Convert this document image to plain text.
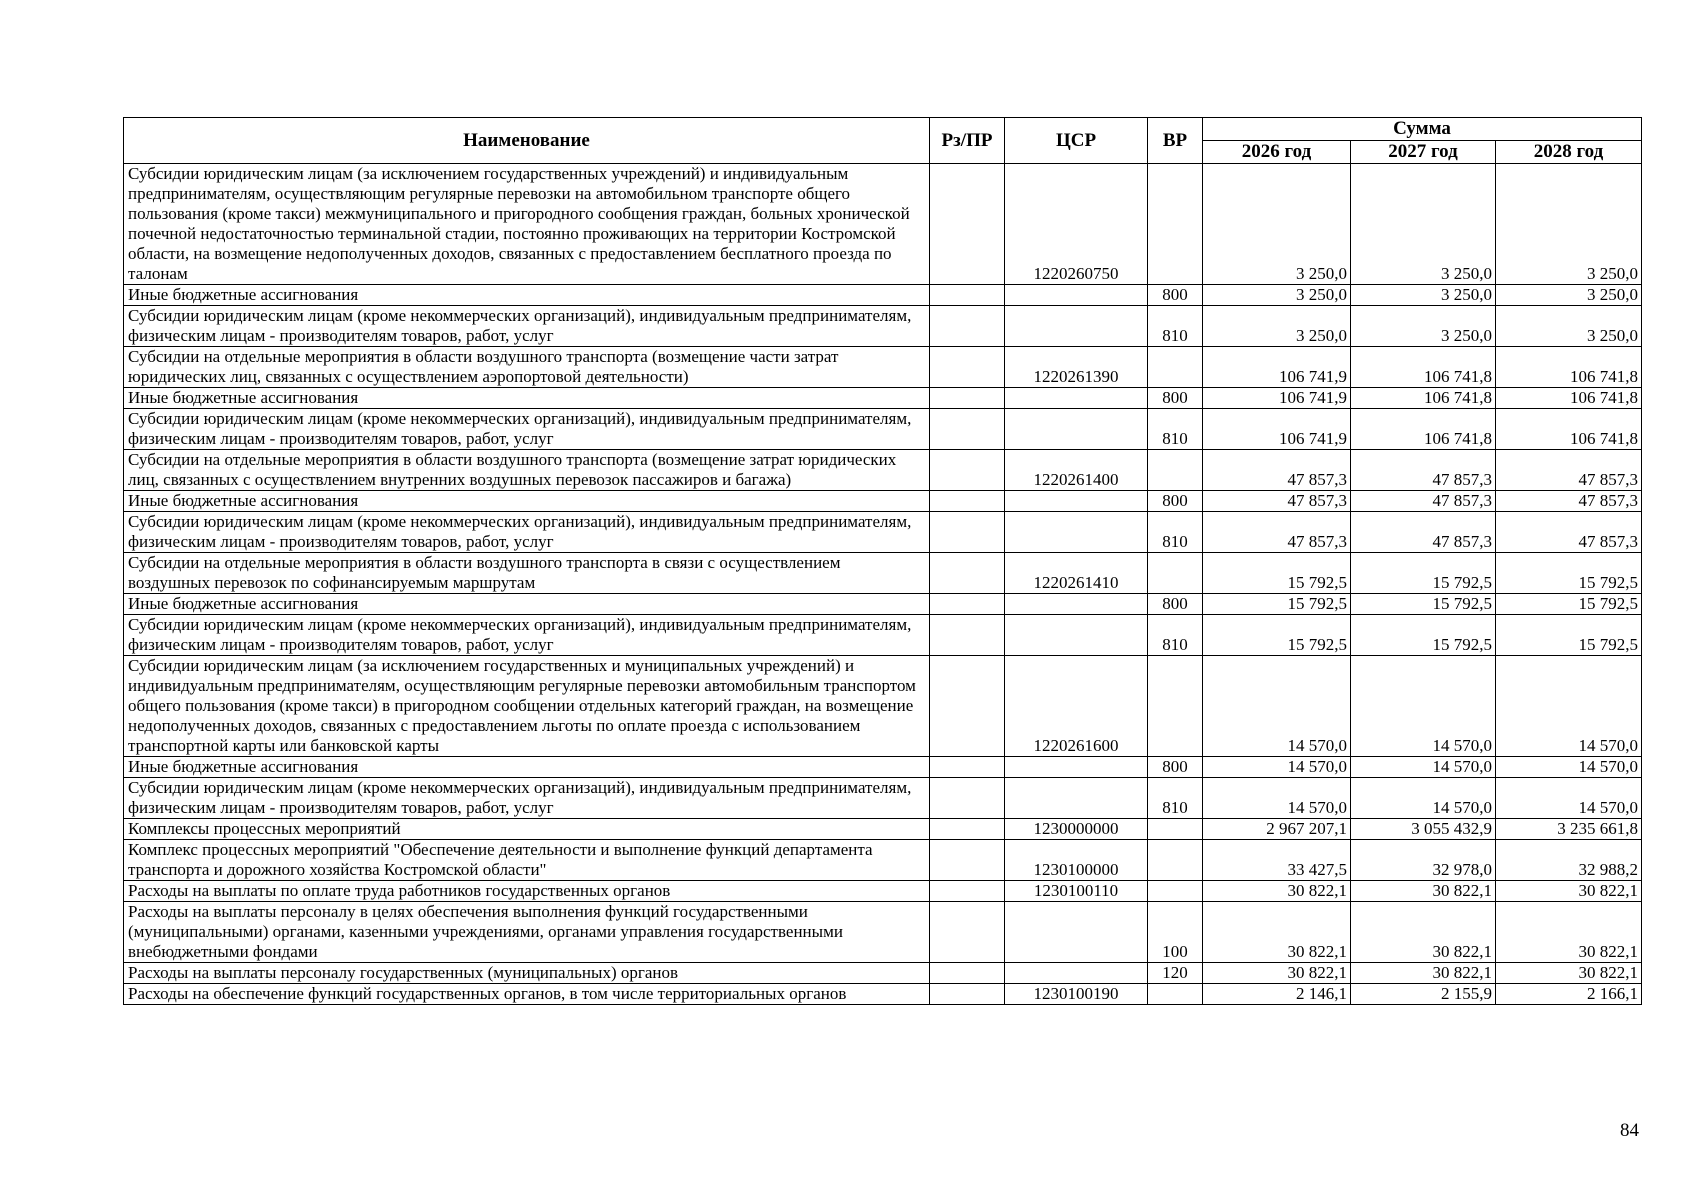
Наименование	Рз/ПР	ЦСР	ВР	Сумма		
				2026 год	2027 год	2028 год
Субсидии юридическим лицам (за исключением государственных учреждений) и индивидуальным предпринимателям, осуществляющим регулярные перевозки на автомобильном транспорте общего пользования (кроме такси) межмуниципального и пригородного сообщения граждан, больных хронической почечной недостаточностью терминальной стадии, постоянно проживающих на территории Костромской области, на возмещение недополученных доходов, связанных с предоставлением бесплатного проезда по талонам		1220260750		3 250,0	3 250,0	3 250,0
Иные бюджетные ассигнования			800	3 250,0	3 250,0	3 250,0
Субсидии юридическим лицам (кроме некоммерческих организаций), индивидуальным предпринимателям, физическим лицам - производителям товаров, работ, услуг			810	3 250,0	3 250,0	3 250,0
Субсидии на отдельные мероприятия в области воздушного транспорта (возмещение части затрат юридических лиц, связанных с осуществлением аэропортовой деятельности)		1220261390		106 741,9	106 741,8	106 741,8
Иные бюджетные ассигнования			800	106 741,9	106 741,8	106 741,8
Субсидии юридическим лицам (кроме некоммерческих организаций), индивидуальным предпринимателям, физическим лицам - производителям товаров, работ, услуг			810	106 741,9	106 741,8	106 741,8
Субсидии на отдельные мероприятия в области воздушного транспорта (возмещение затрат юридических лиц, связанных с осуществлением внутренних воздушных перевозок пассажиров и багажа)		1220261400		47 857,3	47 857,3	47 857,3
Иные бюджетные ассигнования			800	47 857,3	47 857,3	47 857,3
Субсидии юридическим лицам (кроме некоммерческих организаций), индивидуальным предпринимателям, физическим лицам - производителям товаров, работ, услуг			810	47 857,3	47 857,3	47 857,3
Субсидии на отдельные мероприятия в области воздушного транспорта в связи с осуществлением воздушных перевозок по софинансируемым маршрутам		1220261410		15 792,5	15 792,5	15 792,5
Иные бюджетные ассигнования			800	15 792,5	15 792,5	15 792,5
Субсидии юридическим лицам (кроме некоммерческих организаций), индивидуальным предпринимателям, физическим лицам - производителям товаров, работ, услуг			810	15 792,5	15 792,5	15 792,5
Субсидии юридическим лицам (за исключением государственных и муниципальных учреждений) и индивидуальным предпринимателям, осуществляющим регулярные перевозки автомобильным транспортом общего пользования (кроме такси) в пригородном сообщении отдельных категорий граждан, на возмещение недополученных доходов, связанных с предоставлением льготы по оплате проезда с использованием транспортной карты или банковской карты		1220261600		14 570,0	14 570,0	14 570,0
Иные бюджетные ассигнования			800	14 570,0	14 570,0	14 570,0
Субсидии юридическим лицам (кроме некоммерческих организаций), индивидуальным предпринимателям, физическим лицам - производителям товаров, работ, услуг			810	14 570,0	14 570,0	14 570,0
Комплексы процессных мероприятий		1230000000		2 967 207,1	3 055 432,9	3 235 661,8
Комплекс процессных мероприятий "Обеспечение деятельности и выполнение функций департамента транспорта и дорожного хозяйства Костромской области"		1230100000		33 427,5	32 978,0	32 988,2
Расходы на выплаты по оплате труда работников государственных органов		1230100110		30 822,1	30 822,1	30 822,1
Расходы на выплаты персоналу в целях обеспечения выполнения функций государственными (муниципальными) органами, казенными учреждениями, органами управления государственными внебюджетными фондами			100	30 822,1	30 822,1	30 822,1
Расходы на выплаты персоналу государственных (муниципальных) органов			120	30 822,1	30 822,1	30 822,1
Расходы на обеспечение функций государственных органов, в том числе территориальных органов		1230100190		2 146,1	2 155,9	2 166,1
84
